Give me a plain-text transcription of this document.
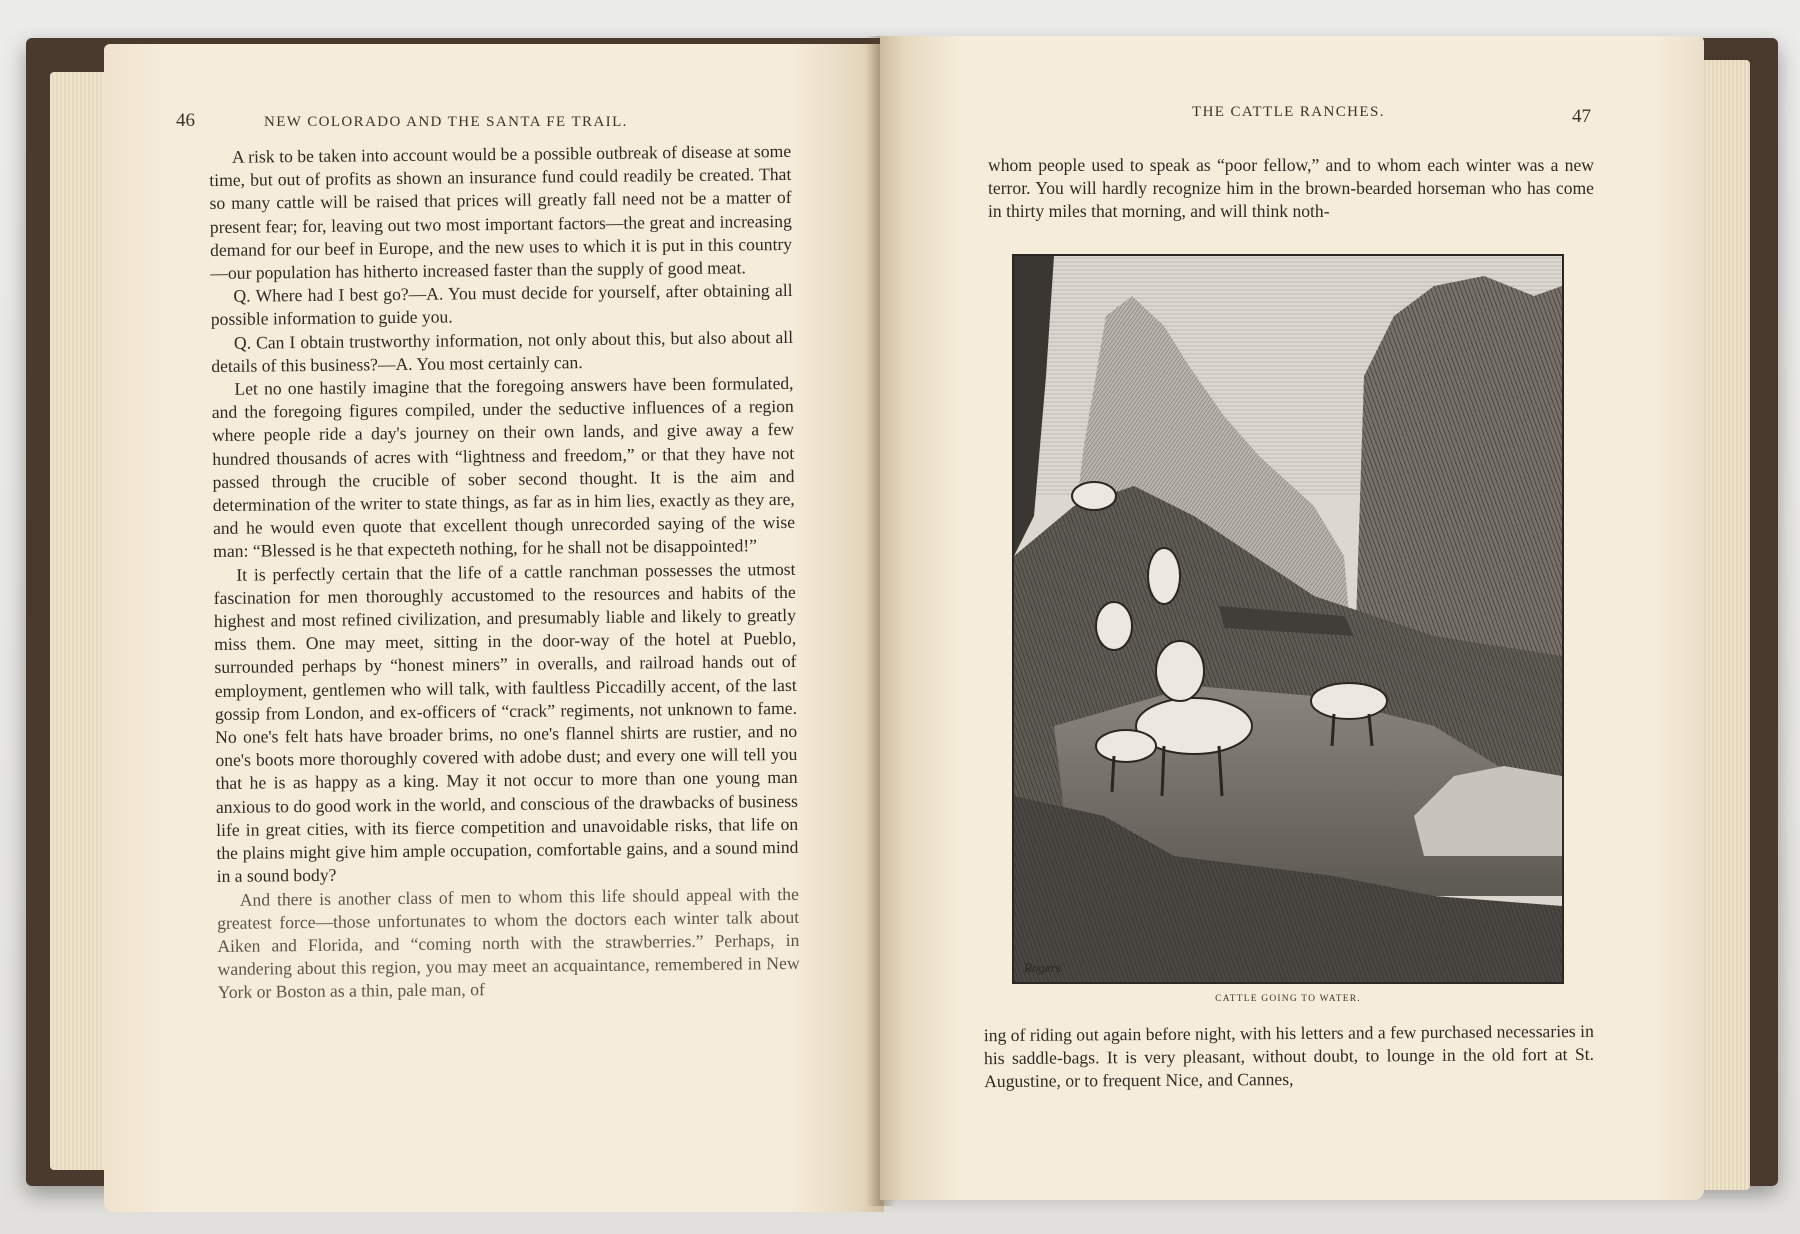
46	NEW COLORADO AND THE SANTA FE TRAIL.

A risk to be taken into account would be a possible outbreak of disease at some time, but out of profits as shown an insurance fund could readily be created. That so many cattle will be raised that prices will greatly fall need not be a matter of present fear; for, leaving out two most important factors—the great and increasing demand for our beef in Europe, and the new uses to which it is put in this country—our population has hitherto increased faster than the supply of good meat.

Q. Where had I best go?—A. You must decide for yourself, after obtaining all possible information to guide you.

Q. Can I obtain trustworthy information, not only about this, but also about all details of this business?—A. You most certainly can.

Let no one hastily imagine that the foregoing answers have been formulated, and the foregoing figures compiled, under the seductive influences of a region where people ride a day's journey on their own lands, and give away a few hundred thousands of acres with “lightness and freedom,” or that they have not passed through the crucible of sober second thought. It is the aim and determination of the writer to state things, as far as in him lies, exactly as they are, and he would even quote that excellent though unrecorded saying of the wise man: “Blessed is he that expecteth nothing, for he shall not be disappointed!”

It is perfectly certain that the life of a cattle ranchman possesses the utmost fascination for men thoroughly accustomed to the resources and habits of the highest and most refined civilization, and presumably liable and likely to greatly miss them. One may meet, sitting in the door-way of the hotel at Pueblo, surrounded perhaps by “honest miners” in overalls, and railroad hands out of employment, gentlemen who will talk, with faultless Piccadilly accent, of the last gossip from London, and ex-officers of “crack” regiments, not unknown to fame. No one's felt hats have broader brims, no one's flannel shirts are rustier, and no one's boots more thoroughly covered with adobe dust; and every one will tell you that he is as happy as a king. May it not occur to more than one young man anxious to do good work in the world, and conscious of the drawbacks of business life in great cities, with its fierce competition and unavoidable risks, that life on the plains might give him ample occupation, comfortable gains, and a sound mind in a sound body?

And there is another class of men to whom this life should appeal with the greatest force—those unfortunates to whom the doctors each winter talk about Aiken and Florida, and “coming north with the strawberries.” Perhaps, in wandering about this region, you may meet an acquaintance, remembered in New York or Boston as a thin, pale man, of

THE CATTLE RANCHES.	47

whom people used to speak as “poor fellow,” and to whom each winter was a new terror. You will hardly recognize him in the brown-bearded horseman who has come in thirty miles that morning, and will think noth-

Rogers
CATTLE GOING TO WATER.

ing of riding out again before night, with his letters and a few purchased necessaries in his saddle-bags. It is very pleasant, without doubt, to lounge in the old fort at St. Augustine, or to frequent Nice, and Cannes,
